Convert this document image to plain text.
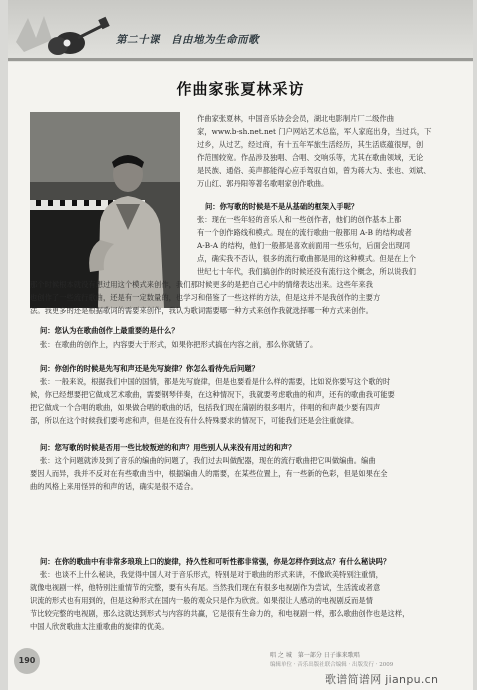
第二十课　自由地为生命而歌
作曲家张夏林采访

作曲家张夏林，中国音乐协会会员，湖北电影制片厂二级作曲

家，www.b-sh.net.net 门户网站艺术总监，军人家庭出身，当过兵，下

过乡，从过艺，经过商，有十五年军旅生活经历，其生活底蕴很厚，创

作范围较宽。作品涉及独唱、合唱、交响乐等，尤其在歌曲领域，无论

是民族、通俗、美声都能得心应手驾驭自如，曾为蒋大为、张也、刘斌、

万山红、郭丹阳等著名歌唱家创作歌曲。

问：你写歌的时候是不是从基础的框架入手呢？

张：现在一些年轻的音乐人和一些创作者，他们的创作基本上都

有一个创作路线和模式。现在的流行歌曲一般都用 A-B 的结构或者

A-B-A 的结构，他们一般都是喜欢前面用一些乐句，后面会出现同

点，确实我不否认，很多的流行歌曲都是用的这种模式。但是在上个

世纪七十年代，我们搞创作的时候还没有流行这个概念，所以说我们

那个时候根本就没有想过用这个模式来创作，我们那时候更多的是把自己心中的情绪表达出来。这些年来我

也创作了一些流行歌曲，还是有一定数量的，也学习和借鉴了一些这样的方法，但是这并不是我创作的主要方

法。我更多的还是根据歌词的需要来创作，我认为歌词需要哪一种方式来创作我就选择哪一种方式来创作。

问：您认为在歌曲创作上最重要的是什么？

张：在歌曲的创作上，内容要大于形式，如果你把形式搞在内容之前，那么你就错了。

问：你创作的时候是先写和声还是先写旋律？你怎么看待先后问题？

张：一般来说，根据我们中国的国情，都是先写旋律，但是也要看是什么样的需要，比如说你要写这个歌的时

候，你已经想要把它做成艺术歌曲，需要钢琴伴奏，在这种情况下，我就要考虑歌曲的和声，还有的歌曲我可能要

把它做成一个合唱的歌曲，如果做合唱的歌曲的话，包括我们现在蒲剧的很多唱片，伴唱的和声最少要有四声

部，所以在这个时候我们要考虑和声，但是在没有什么特殊要求的情况下，可能我们还是会注重旋律。

问：您写歌的时候是否用一些比较叛逆的和声？用些别人从来没有用过的和声？

张：这个问题就涉及到了音乐的编曲的问题了，我们过去叫做配器，现在的流行歌曲把它叫做编曲。编曲

要因人而异，我并不反对在有些歌曲当中，根据编曲人的需要，在某些位置上，有一些新的色彩，但是如果在全

曲的风格上来用怪异的和声的话，确实是很不适合。

问：在你的歌曲中有非常多琅琅上口的旋律，持久性和可听性都非常强，你是怎样作到这点？有什么秘诀吗？

张：也谈不上什么秘诀，我觉得中国人对于音乐形式，特别是对于歌曲的形式来讲，不像欧美特别注重情，

就像电视剧一样，他特别注重情节的完整，要有头有尾。当然我们现在有很多电视剧作为尝试，生活流或者意

识流的形式也有用到的，但是这种形式在国内一般的观众只是作为欣赏。如果很让人感动的电视剧反而是情

节比较完整的电视剧，那么这就达到形式与内容的共赢，它是很有生命力的，和电视剧一样，那么歌曲创作也是这样，

中国人欣赏歌曲太注重歌曲的旋律的优美。

190
唱 之 城　第一部分 日子谁来歌唱
编辑单位 · 音乐出版社联合编辑 · 出版发行 · 2009
歌谱简谱网 jianpu.cn
